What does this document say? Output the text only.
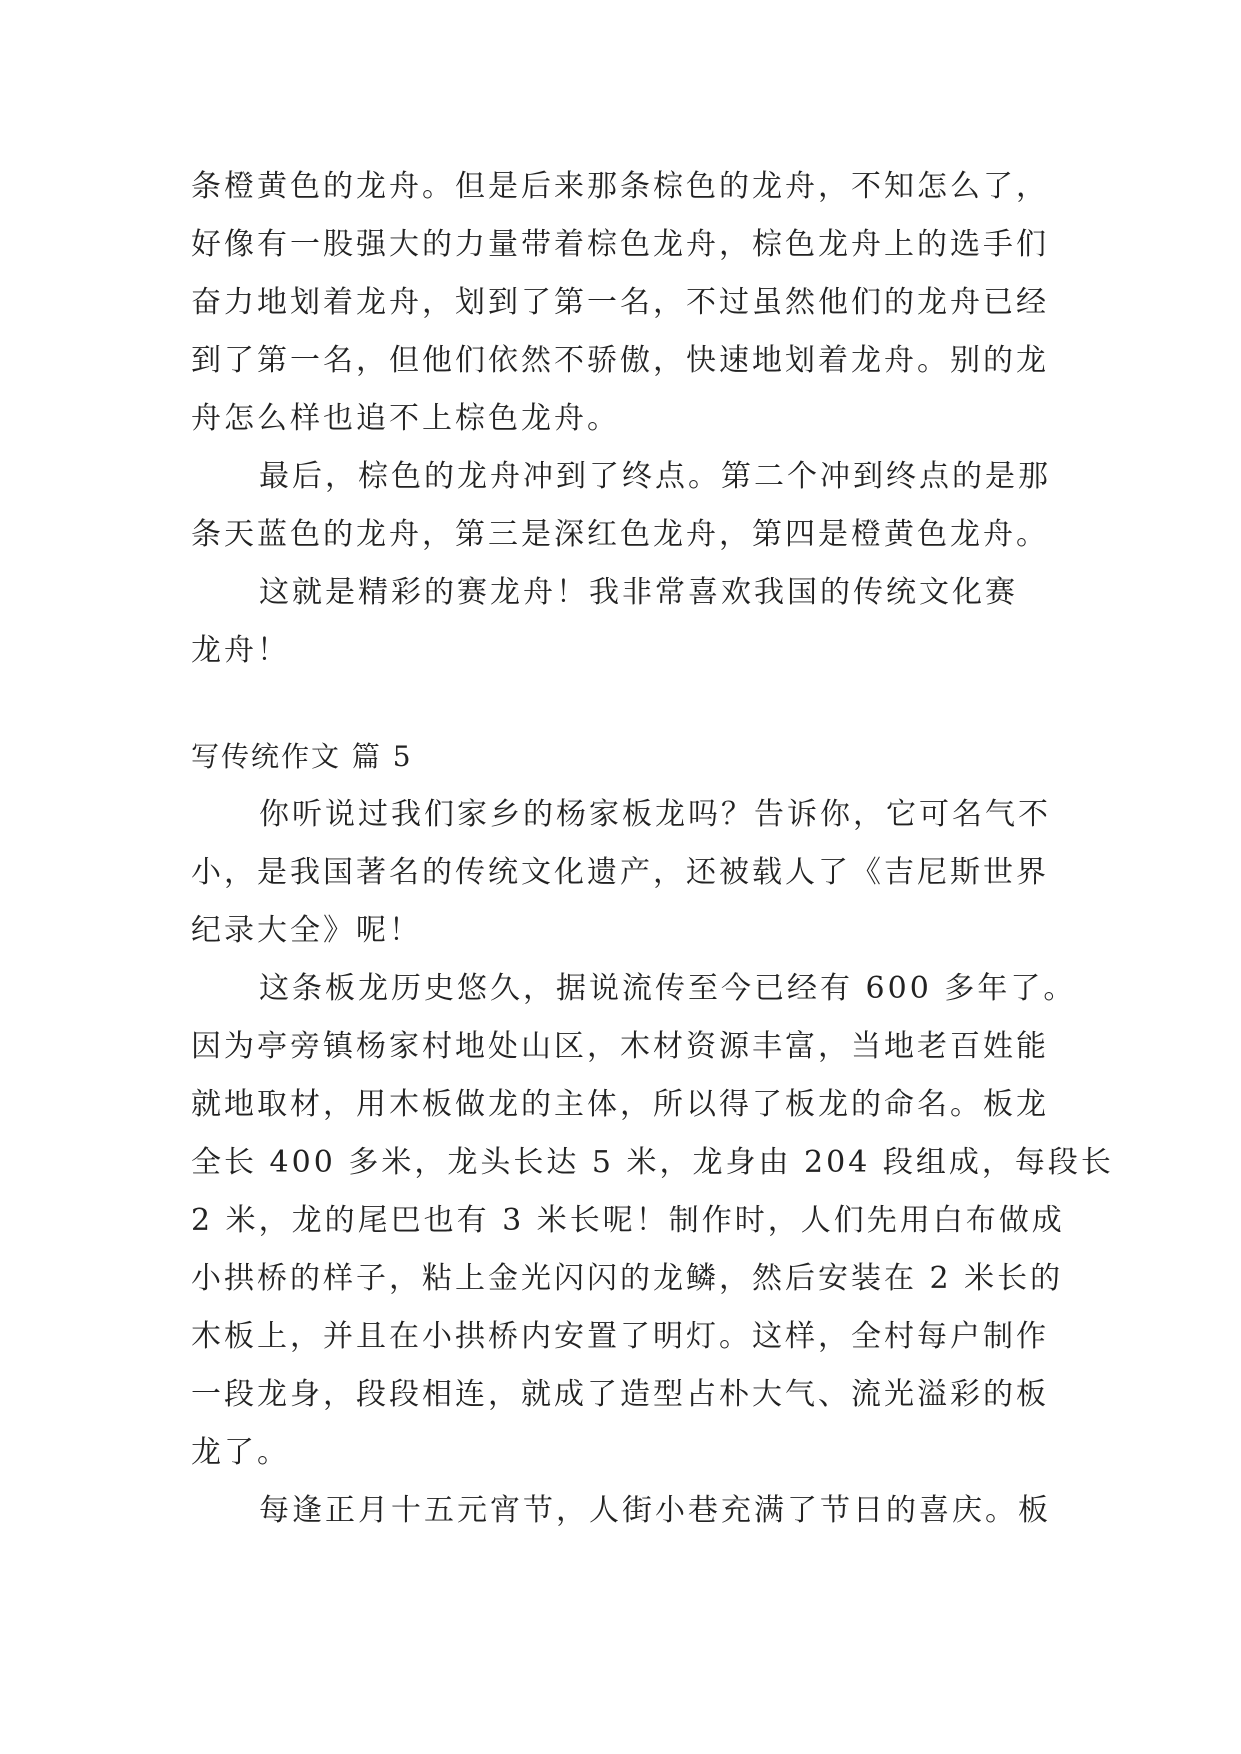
条橙黄色的龙舟。但是后来那条棕色的龙舟，不知怎么了，
好像有一股强大的力量带着棕色龙舟，棕色龙舟上的选手们
奋力地划着龙舟，划到了第一名，不过虽然他们的龙舟已经
到了第一名，但他们依然不骄傲，快速地划着龙舟。别的龙
舟怎么样也追不上棕色龙舟。
最后，棕色的龙舟冲到了终点。第二个冲到终点的是那
条天蓝色的龙舟，第三是深红色龙舟，第四是橙黄色龙舟。
这就是精彩的赛龙舟！我非常喜欢我国的传统文化赛
龙舟！
写传统作文 篇 5
你听说过我们家乡的杨家板龙吗？告诉你，它可名气不
小，是我国著名的传统文化遗产，还被载人了《吉尼斯世界
纪录大全》呢！
这条板龙历史悠久，据说流传至今已经有 600 多年了。
因为亭旁镇杨家村地处山区，木材资源丰富，当地老百姓能
就地取材，用木板做龙的主体，所以得了板龙的命名。板龙
全长 400 多米，龙头长达 5 米，龙身由 204 段组成，每段长
2 米，龙的尾巴也有 3 米长呢！制作时，人们先用白布做成
小拱桥的样子，粘上金光闪闪的龙鳞，然后安装在 2 米长的
木板上，并且在小拱桥内安置了明灯。这样，全村每户制作
一段龙身，段段相连，就成了造型占朴大气、流光溢彩的板
龙了。
每逢正月十五元宵节，人街小巷充满了节日的喜庆。板
